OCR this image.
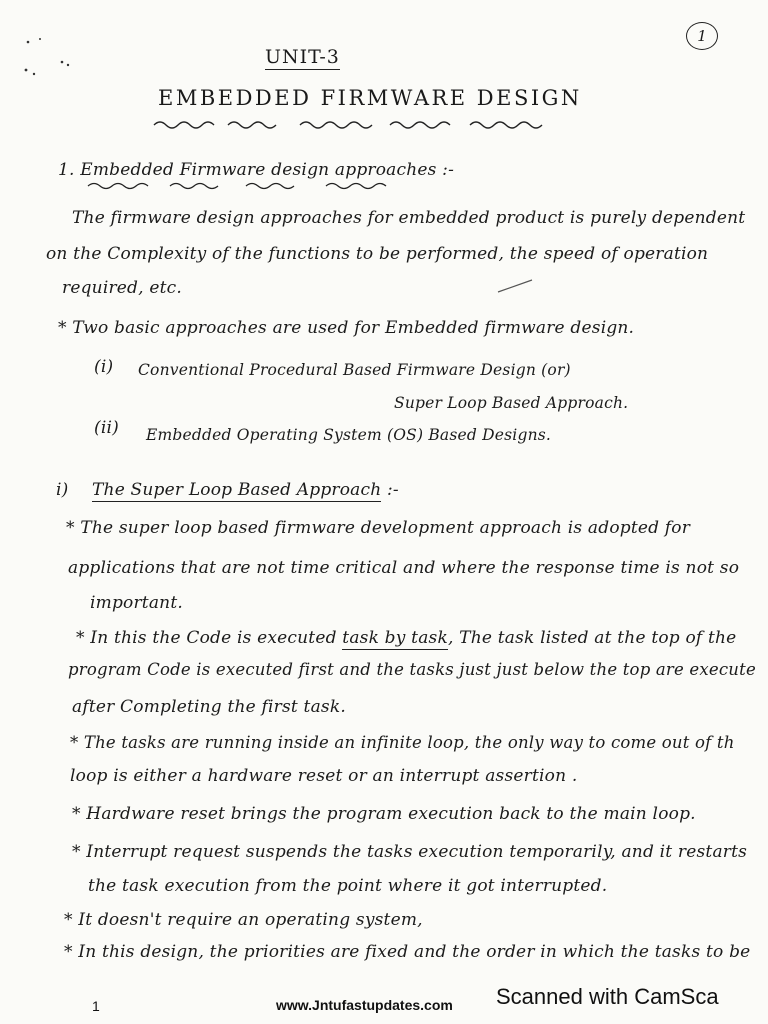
1
UNIT-3
EMBEDDED FIRMWARE DESIGN
1. Embedded Firmware design approaches :-
The firmware design approaches for embedded product is purely dependent
on the Complexity of the functions to be performed, the speed of operation
required, etc.
* Two basic approaches are used for Embedded firmware design.
(i) Conventional Procedural Based Firmware Design (or)
Super Loop Based Approach.
(ii) Embedded Operating System (OS) Based Designs.
i) The Super Loop Based Approach :-
* The super loop based firmware development approach is adopted for
applications that are not time critical and where the response time is not so
important.
* In this the Code is executed task by task, The task listed at the top of the
program Code is executed first and the tasks just just below the top are execute
after Completing the first task.
* The tasks are running inside an infinite loop, the only way to come out of th
loop is either a hardware reset or an interrupt assertion .
* Hardware reset brings the program execution back to the main loop.
* Interrupt request suspends the tasks execution temporarily, and it restarts
the task execution from the point where it got interrupted.
* It doesn't require an operating system,
* In this design, the priorities are fixed and the order in which the tasks to be
1	www.Jntufastupdates.com Scanned with CamSca
